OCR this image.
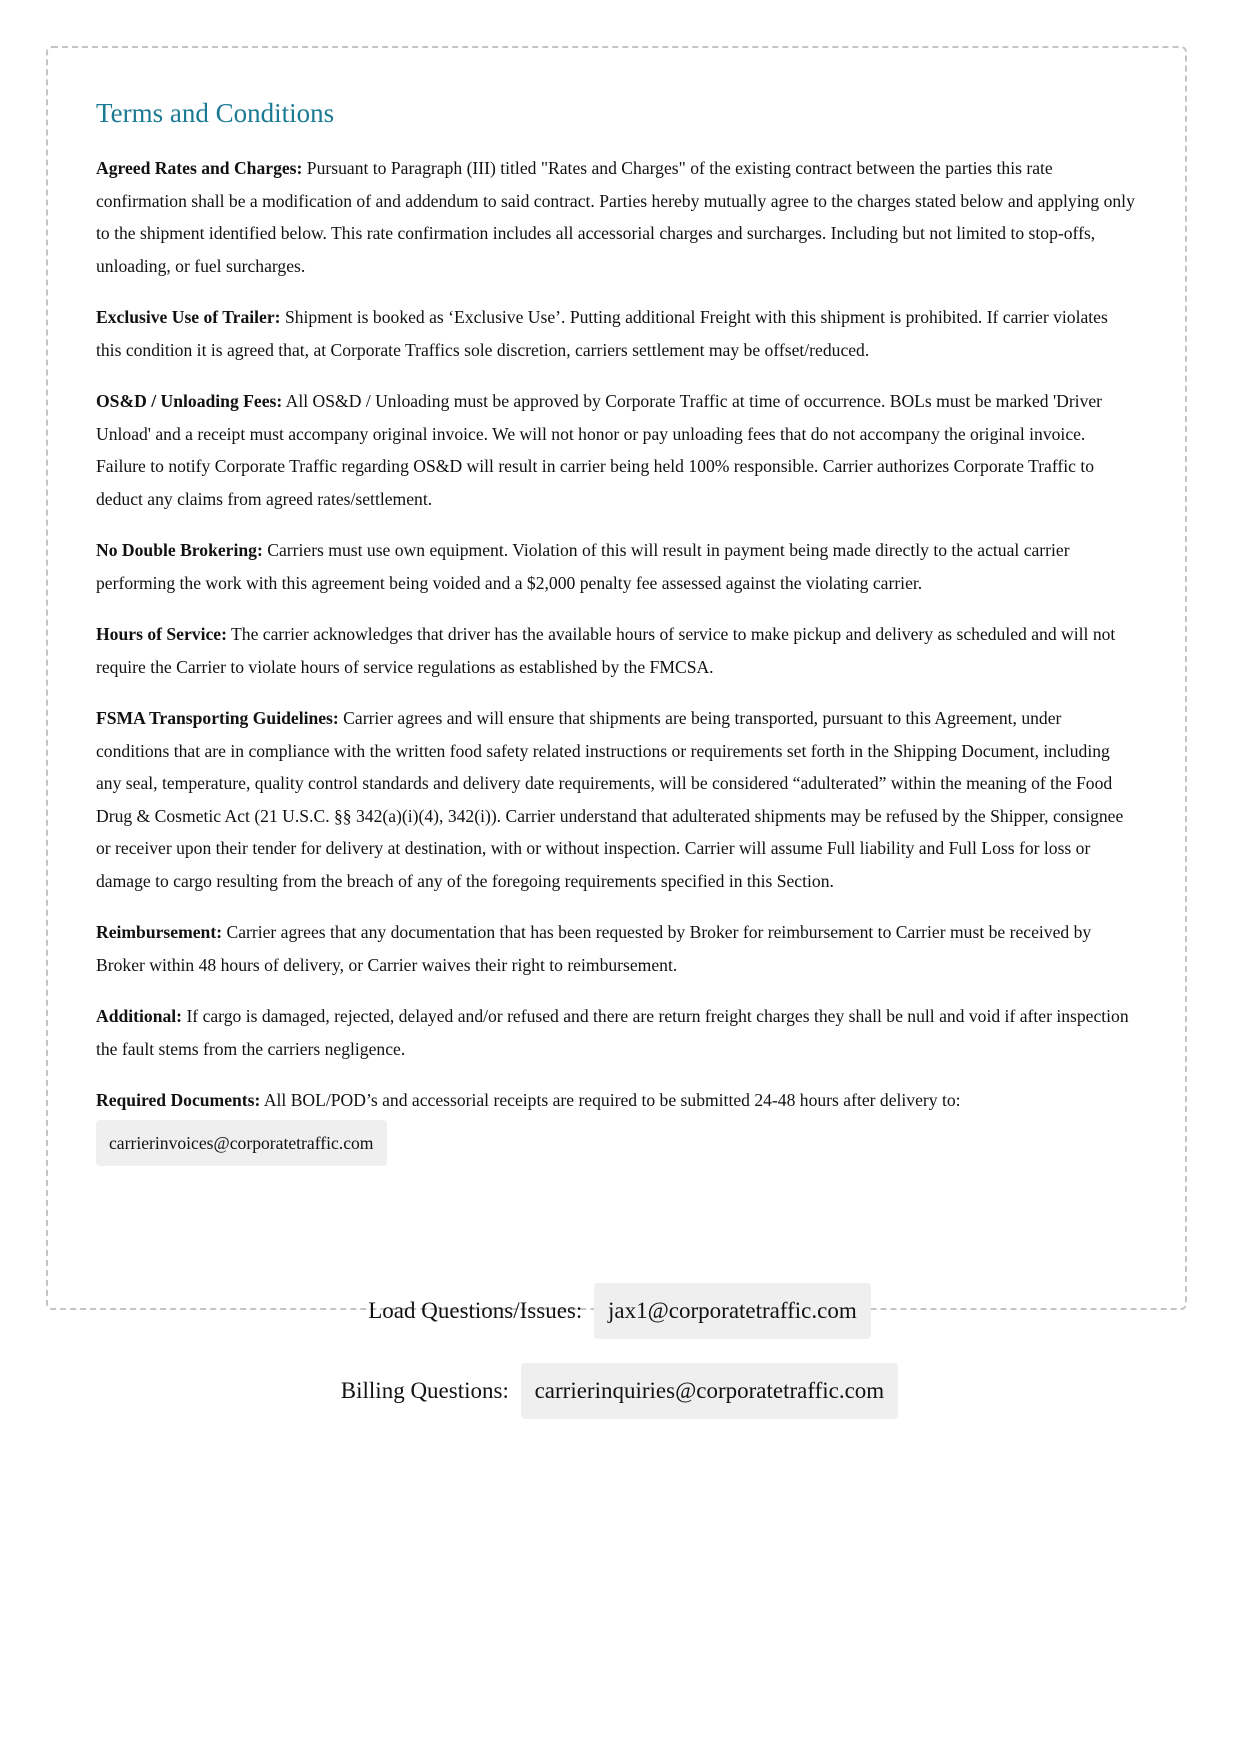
Terms and Conditions

Agreed Rates and Charges: Pursuant to Paragraph (III) titled "Rates and Charges" of the existing contract between the parties this rate confirmation shall be a modification of and addendum to said contract. Parties hereby mutually agree to the charges stated below and applying only to the shipment identified below. This rate confirmation includes all accessorial charges and surcharges. Including but not limited to stop-offs, unloading, or fuel surcharges.

Exclusive Use of Trailer: Shipment is booked as ‘Exclusive Use’. Putting additional Freight with this shipment is prohibited. If carrier violates this condition it is agreed that, at Corporate Traffics sole discretion, carriers settlement may be offset/reduced.

OS&D / Unloading Fees: All OS&D / Unloading must be approved by Corporate Traffic at time of occurrence. BOLs must be marked 'Driver Unload' and a receipt must accompany original invoice. We will not honor or pay unloading fees that do not accompany the original invoice. Failure to notify Corporate Traffic regarding OS&D will result in carrier being held 100% responsible. Carrier authorizes Corporate Traffic to deduct any claims from agreed rates/settlement.

No Double Brokering: Carriers must use own equipment. Violation of this will result in payment being made directly to the actual carrier performing the work with this agreement being voided and a $2,000 penalty fee assessed against the violating carrier.

Hours of Service: The carrier acknowledges that driver has the available hours of service to make pickup and delivery as scheduled and will not require the Carrier to violate hours of service regulations as established by the FMCSA.

FSMA Transporting Guidelines: Carrier agrees and will ensure that shipments are being transported, pursuant to this Agreement, under conditions that are in compliance with the written food safety related instructions or requirements set forth in the Shipping Document, including any seal, temperature, quality control standards and delivery date requirements, will be considered “adulterated” within the meaning of the Food Drug & Cosmetic Act (21 U.S.C. §§ 342(a)(i)(4), 342(i)). Carrier understand that adulterated shipments may be refused by the Shipper, consignee or receiver upon their tender for delivery at destination, with or without inspection. Carrier will assume Full liability and Full Loss for loss or damage to cargo resulting from the breach of any of the foregoing requirements specified in this Section.

Reimbursement: Carrier agrees that any documentation that has been requested by Broker for reimbursement to Carrier must be received by Broker within 48 hours of delivery, or Carrier waives their right to reimbursement.

Additional: If cargo is damaged, rejected, delayed and/or refused and there are return freight charges they shall be null and void if after inspection the fault stems from the carriers negligence.

Required Documents: All BOL/POD’s and accessorial receipts are required to be submitted 24-48 hours after delivery to:
carrierinvoices@corporatetraffic.com
Load Questions/Issues: jax1@corporatetraffic.com
Billing Questions: carrierinquiries@corporatetraffic.com
